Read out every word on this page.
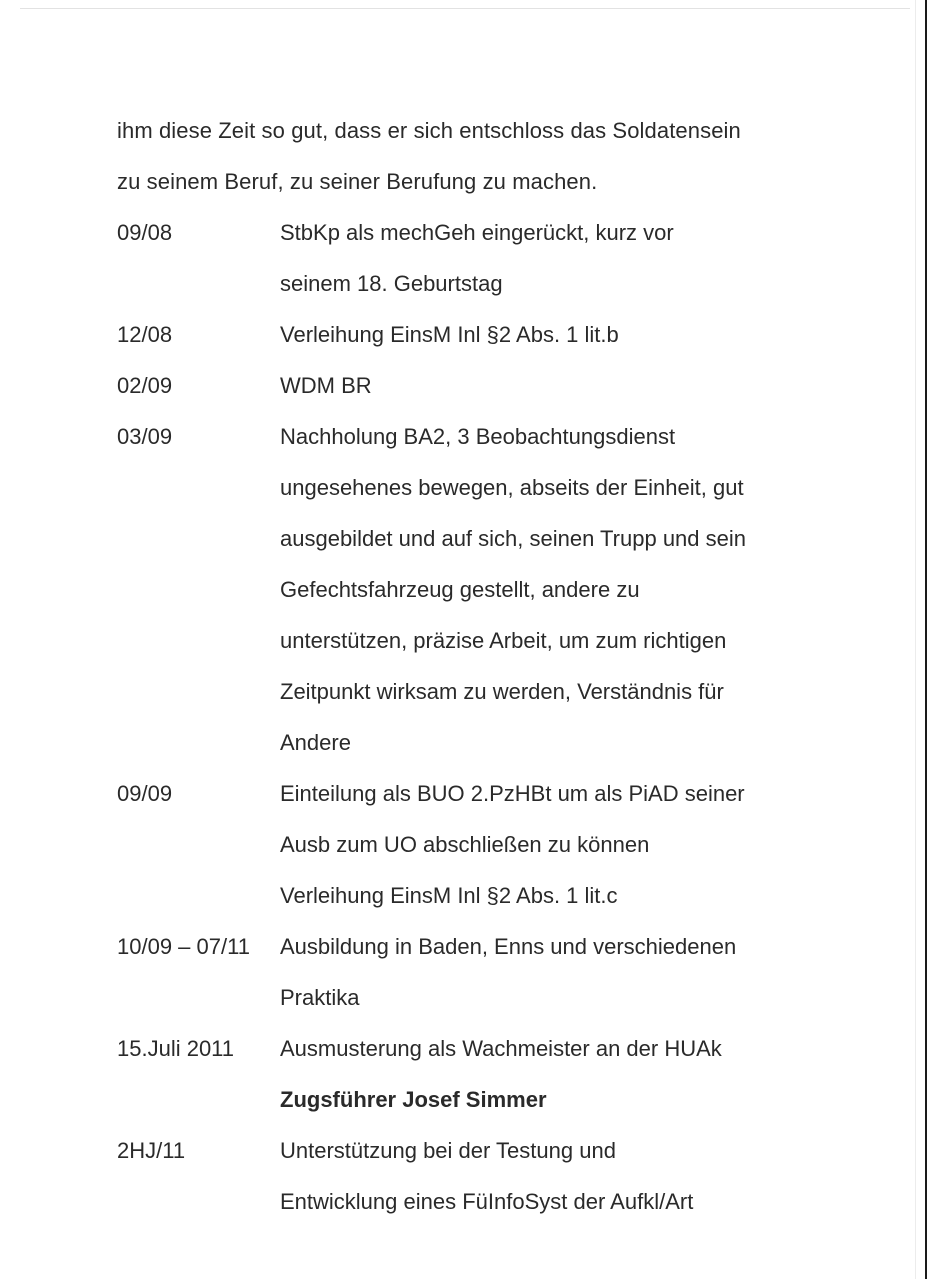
ihm diese Zeit so gut, dass er sich entschloss das Soldatensein
zu seinem Beruf, zu seiner Berufung zu machen.
09/08	StbKp als mechGeh eingerückt, kurz vor
seinem 18. Geburtstag
12/08	Verleihung EinsM Inl §2 Abs. 1 lit.b
02/09	WDM BR
03/09	Nachholung BA2, 3 Beobachtungsdienst
ungesehenes bewegen, abseits der Einheit, gut
ausgebildet und auf sich, seinen Trupp und sein
Gefechtsfahrzeug gestellt, andere zu
unterstützen, präzise Arbeit, um zum richtigen
Zeitpunkt wirksam zu werden, Verständnis für
Andere
09/09	Einteilung als BUO 2.PzHBt um als PiAD seiner
Ausb zum UO abschließen zu können
Verleihung EinsM Inl §2 Abs. 1 lit.c
10/09 – 07/11	Ausbildung in Baden, Enns und verschiedenen
Praktika
15.Juli 2011	Ausmusterung als Wachmeister an der HUAk
Zugsführer Josef Simmer
2HJ/11	Unterstützung bei der Testung und
Entwicklung eines FüInfoSyst der Aufkl/Art
